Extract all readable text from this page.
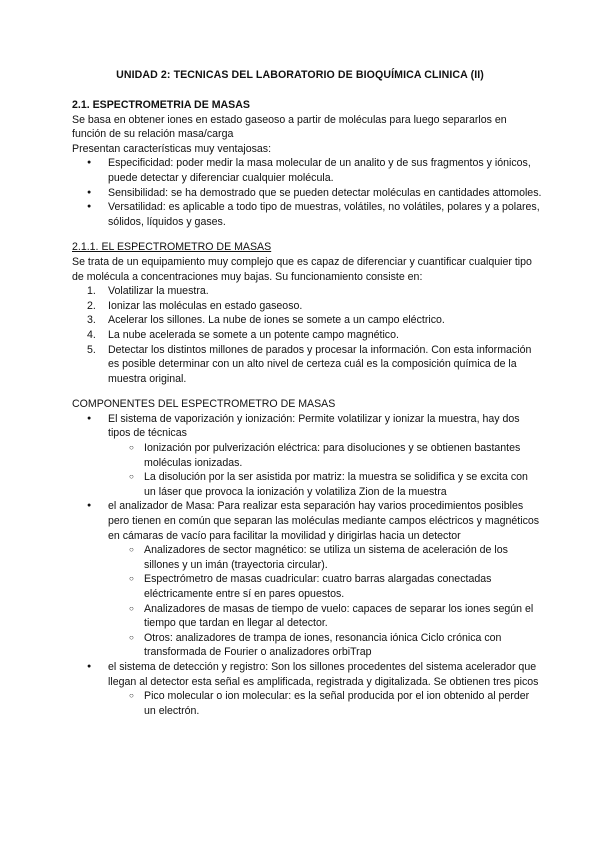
UNIDAD 2: TECNICAS DEL LABORATORIO DE BIOQUÍMICA CLINICA (II)

2.1. ESPECTROMETRIA DE MASAS

Se basa en obtener iones en estado gaseoso a partir de moléculas para luego separarlos en función de su relación masa/carga

Presentan características muy ventajosas:

● Especificidad: poder medir la masa molecular de un analito y de sus fragmentos y iónicos, puede detectar y diferenciar cualquier molécula.
● Sensibilidad: se ha demostrado que se pueden detectar moléculas en cantidades attomoles.
● Versatilidad: es aplicable a todo tipo de muestras, volátiles, no volátiles, polares y a polares, sólidos, líquidos y gases.

2.1.1. EL ESPECTROMETRO DE MASAS

Se trata de un equipamiento muy complejo que es capaz de diferenciar y cuantificar cualquier tipo de molécula a concentraciones muy bajas. Su funcionamiento consiste en:

1. Volatilizar la muestra.
2. Ionizar las moléculas en estado gaseoso.
3. Acelerar los sillones. La nube de iones se somete a un campo eléctrico.
4. La nube acelerada se somete a un potente campo magnético.
5. Detectar los distintos millones de parados y procesar la información. Con esta información es posible determinar con un alto nivel de certeza cuál es la composición química de la muestra original.

COMPONENTES DEL ESPECTROMETRO DE MASAS

● El sistema de vaporización y ionización: Permite volatilizar y ionizar la muestra, hay dos tipos de técnicas
○ Ionización por pulverización eléctrica: para disoluciones y se obtienen bastantes moléculas ionizadas.
○ La disolución por la ser asistida por matriz: la muestra se solidifica y se excita con un láser que provoca la ionización y volatiliza Zion de la muestra
● el analizador de Masa: Para realizar esta separación hay varios procedimientos posibles pero tienen en común que separan las moléculas mediante campos eléctricos y magnéticos en cámaras de vacío para facilitar la movilidad y dirigirlas hacia un detector
○ Analizadores de sector magnético: se utiliza un sistema de aceleración de los sillones y un imán (trayectoria circular).
○ Espectrómetro de masas cuadricular: cuatro barras alargadas conectadas eléctricamente entre sí en pares opuestos.
○ Analizadores de masas de tiempo de vuelo: capaces de separar los iones según el tiempo que tardan en llegar al detector.
○ Otros: analizadores de trampa de iones, resonancia iónica Ciclo crónica con transformada de Fourier o analizadores orbiTrap
● el sistema de detección y registro: Son los sillones procedentes del sistema acelerador que llegan al detector esta señal es amplificada, registrada y digitalizada. Se obtienen tres picos
○ Pico molecular o ion molecular: es la señal producida por el ion obtenido al perder un electrón.
